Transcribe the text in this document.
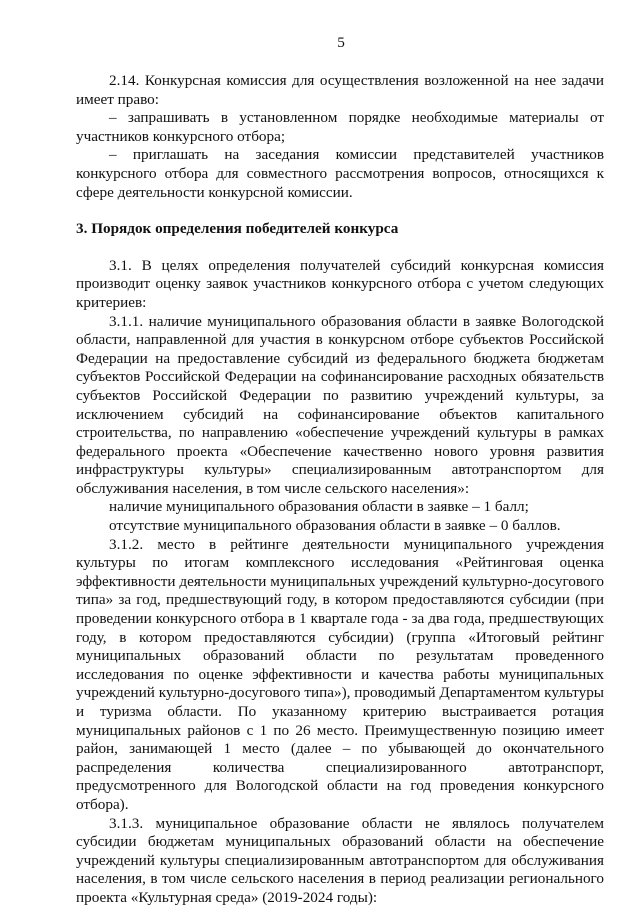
5

2.14. Конкурсная комиссия для осуществления возложенной на нее задачи имеет право:

– запрашивать в установленном порядке необходимые материалы от участников конкурсного отбора;

– приглашать на заседания комиссии представителей участников конкурсного отбора для совместного рассмотрения вопросов, относящихся к сфере деятельности конкурсной комиссии.

3. Порядок определения победителей конкурса

3.1. В целях определения получателей субсидий конкурсная комиссия производит оценку заявок участников конкурсного отбора с учетом следующих критериев:

3.1.1. наличие муниципального образования области в заявке Вологодской области, направленной для участия в конкурсном отборе субъектов Российской Федерации на предоставление субсидий из федерального бюджета бюджетам субъектов Российской Федерации на софинансирование расходных обязательств субъектов Российской Федерации по развитию учреждений культуры, за исключением субсидий на софинансирование объектов капитального строительства, по направлению «обеспечение учреждений культуры в рамках федерального проекта «Обеспечение качественно нового уровня развития инфраструктуры культуры» специализированным автотранспортом для обслуживания населения, в том числе сельского населения»:

наличие муниципального образования области в заявке – 1 балл;

отсутствие муниципального образования области в заявке – 0 баллов.

3.1.2. место в рейтинге деятельности муниципального учреждения культуры по итогам комплексного исследования «Рейтинговая оценка эффективности деятельности муниципальных учреждений культурно-досугового типа» за год, предшествующий году, в котором предоставляются субсидии (при проведении конкурсного отбора в 1 квартале года - за два года, предшествующих году, в котором предоставляются субсидии) (группа «Итоговый рейтинг муниципальных образований области по результатам проведенного исследования по оценке эффективности и качества работы муниципальных учреждений культурно-досугового типа»), проводимый Департаментом культуры и туризма области. По указанному критерию выстраивается ротация муниципальных районов с 1 по 26 место. Преимущественную позицию имеет район, занимающей 1 место (далее – по убывающей до окончательного распределения количества специализированного автотранспорт, предусмотренного для Вологодской области на год проведения конкурсного отбора).

3.1.3. муниципальное образование области не являлось получателем субсидии бюджетам муниципальных образований области на обеспечение учреждений культуры специализированным автотранспортом для обслуживания населения, в том числе сельского населения в период реализации регионального проекта «Культурная среда» (2019-2024 годы):
